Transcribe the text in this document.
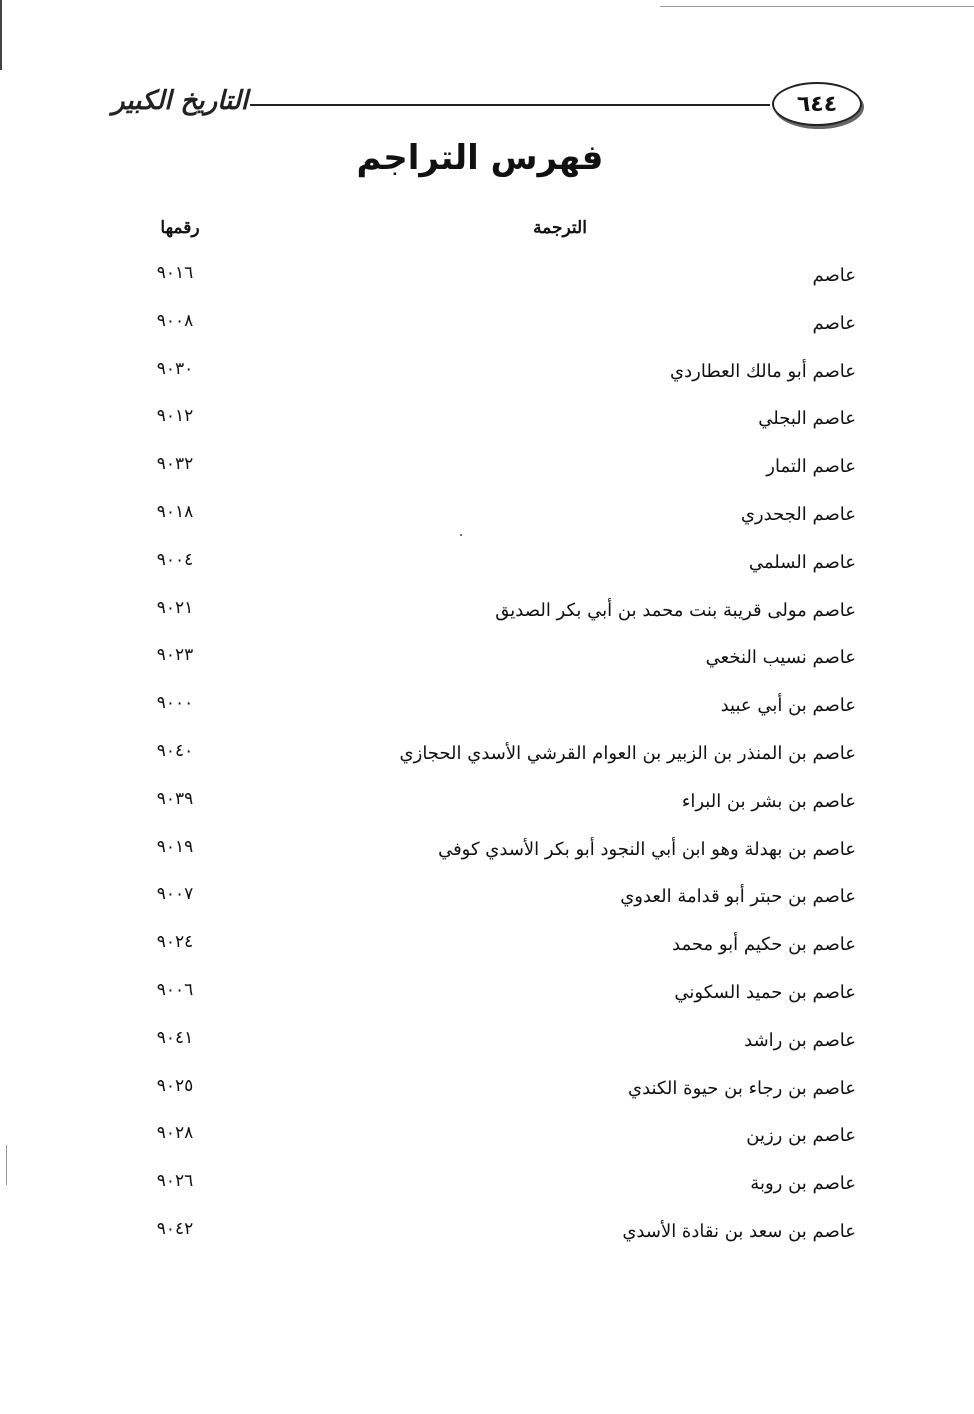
التاريخ الكبير	٦٤٤
فهرس التراجم
الترجمة
رقمها
عاصم
٩٠١٦
عاصم
٩٠٠٨
عاصم أبو مالك العطاردي
٩٠٣٠
عاصم البجلي
٩٠١٢
عاصم التمار
٩٠٣٢
عاصم الجحدري
٩٠١٨
عاصم السلمي
٩٠٠٤
عاصم مولى قريبة بنت محمد بن أبي بكر الصديق
٩٠٢١
عاصم نسيب النخعي
٩٠٢٣
عاصم بن أبي عبيد
٩٠٠٠
عاصم بن المنذر بن الزبير بن العوام القرشي الأسدي الحجازي
٩٠٤٠
عاصم بن بشر بن البراء
٩٠٣٩
عاصم بن بهدلة وهو ابن أبي النجود أبو بكر الأسدي كوفي
٩٠١٩
عاصم بن حبتر أبو قدامة العدوي
٩٠٠٧
عاصم بن حكيم أبو محمد
٩٠٢٤
عاصم بن حميد السكوني
٩٠٠٦
عاصم بن راشد
٩٠٤١
عاصم بن رجاء بن حيوة الكندي
٩٠٢٥
عاصم بن رزين
٩٠٢٨
عاصم بن روبة
٩٠٢٦
عاصم بن سعد بن نقادة الأسدي
٩٠٤٢
